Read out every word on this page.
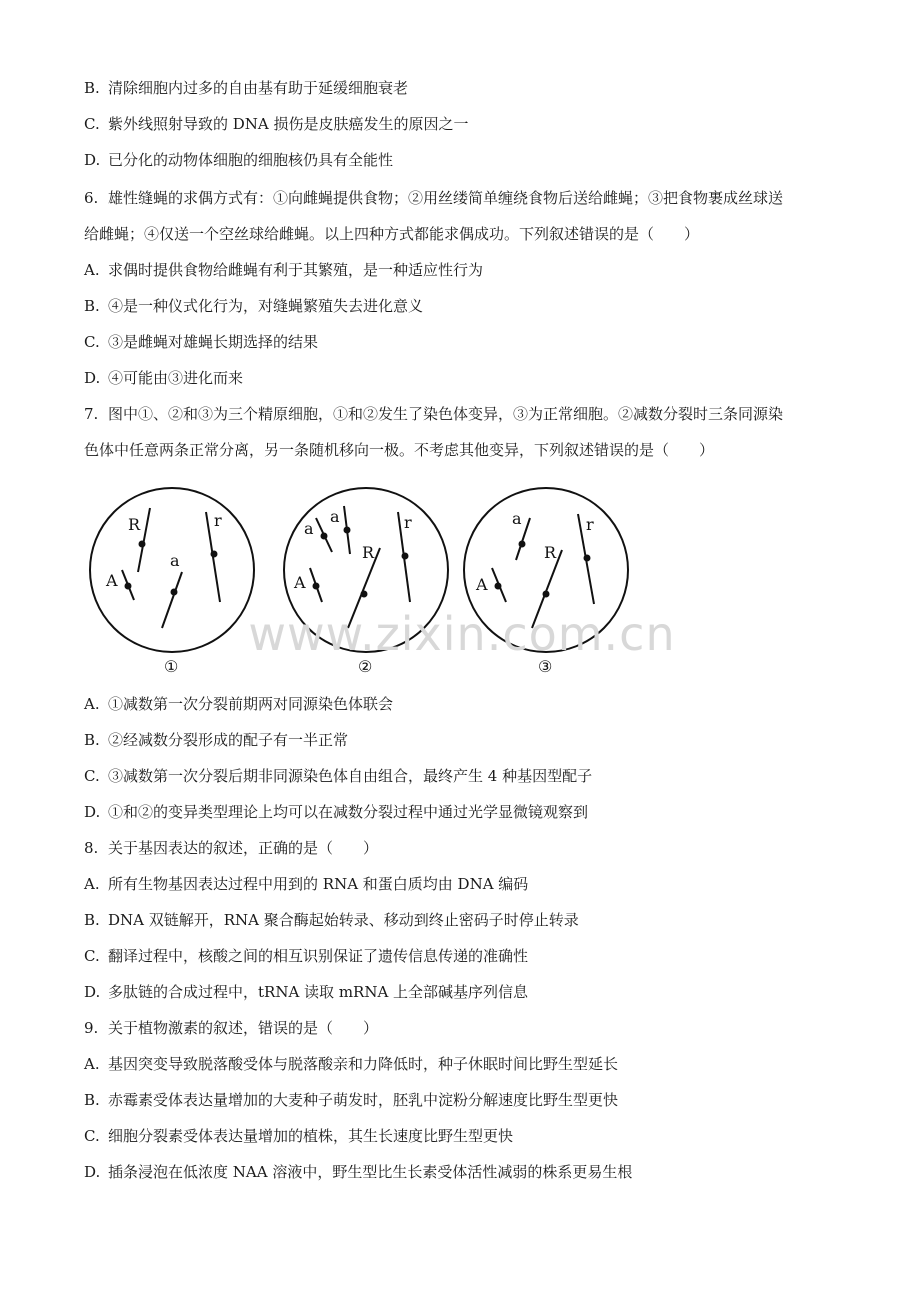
B. 清除细胞内过多的自由基有助于延缓细胞衰老
C. 紫外线照射导致的 DNA 损伤是皮肤癌发生的原因之一
D. 已分化的动物体细胞的细胞核仍具有全能性
6. 雄性缝蝇的求偶方式有：①向雌蝇提供食物；②用丝缕简单缠绕食物后送给雌蝇；③把食物裹成丝球送
给雌蝇；④仅送一个空丝球给雌蝇。以上四种方式都能求偶成功。下列叙述错误的是（　　）
A. 求偶时提供食物给雌蝇有利于其繁殖，是一种适应性行为
B. ④是一种仪式化行为，对缝蝇繁殖失去进化意义
C. ③是雌蝇对雄蝇长期选择的结果
D. ④可能由③进化而来
7. 图中①、②和③为三个精原细胞，①和②发生了染色体变异，③为正常细胞。②减数分裂时三条同源染
色体中任意两条正常分离，另一条随机移向一极。不考虑其他变异，下列叙述错误的是（　　）
A. ①减数第一次分裂前期两对同源染色体联会
B. ②经减数分裂形成的配子有一半正常
C. ③减数第一次分裂后期非同源染色体自由组合，最终产生 4 种基因型配子
D. ①和②的变异类型理论上均可以在减数分裂过程中通过光学显微镜观察到
8. 关于基因表达的叙述，正确的是（　　）
A. 所有生物基因表达过程中用到的 RNA 和蛋白质均由 DNA 编码
B. DNA 双链解开，RNA 聚合酶起始转录、移动到终止密码子时停止转录
C. 翻译过程中，核酸之间的相互识别保证了遗传信息传递的准确性
D. 多肽链的合成过程中，tRNA 读取 mRNA 上全部碱基序列信息
9. 关于植物激素的叙述，错误的是（　　）
A. 基因突变导致脱落酸受体与脱落酸亲和力降低时，种子休眠时间比野生型延长
B. 赤霉素受体表达量增加的大麦种子萌发时，胚乳中淀粉分解速度比野生型更快
C. 细胞分裂素受体表达量增加的植株，其生长速度比野生型更快
D. 插条浸泡在低浓度 NAA 溶液中，野生型比生长素受体活性减弱的株系更易生根
R
A
a
r
①
a
a
R
A
r
②
a
R
A
r
③
www.zixin.com.cn
